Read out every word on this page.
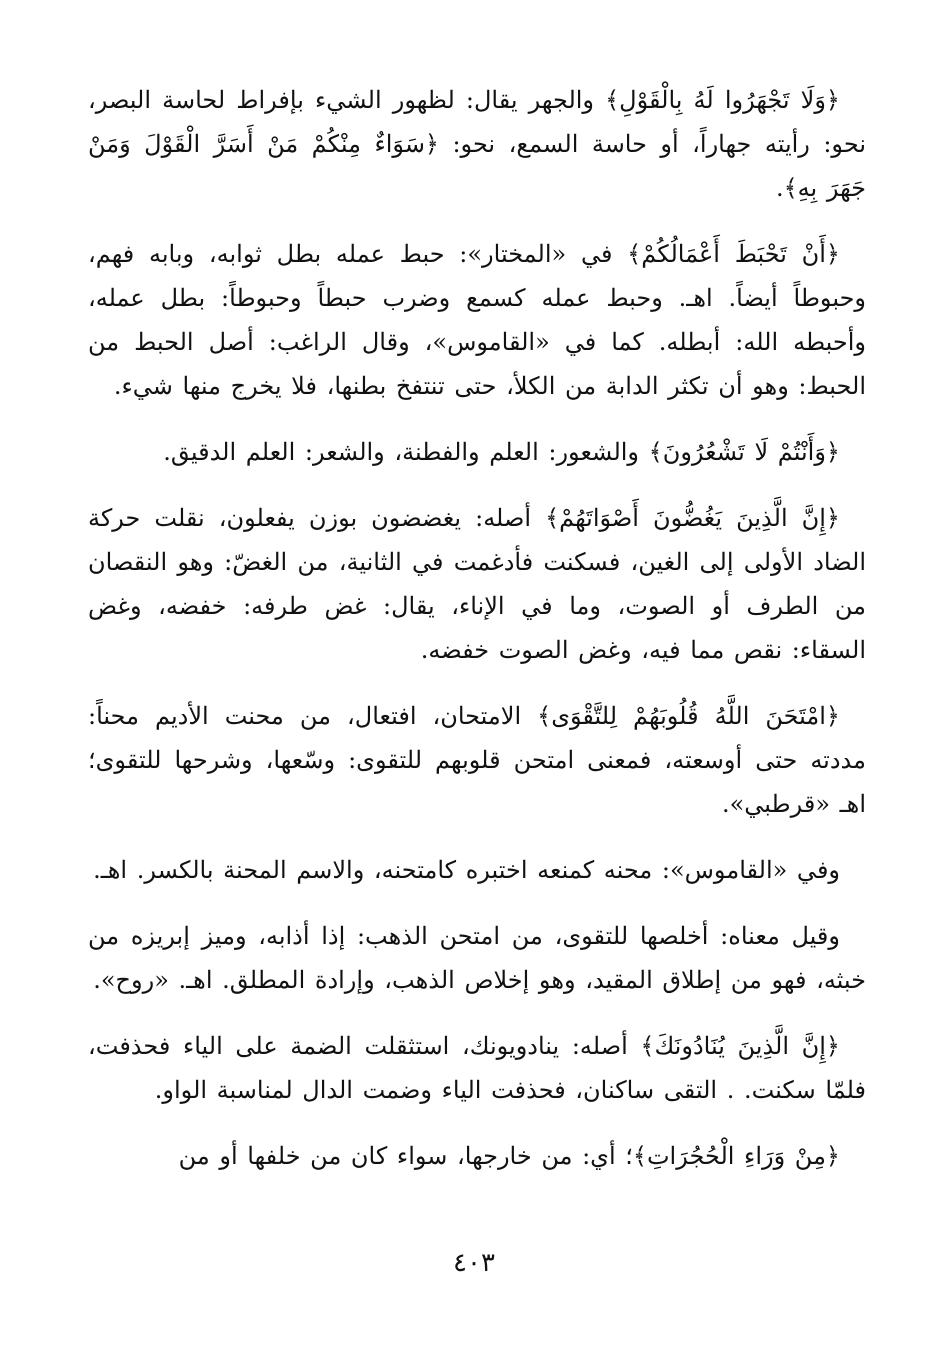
﴿وَلَا تَجْهَرُوا لَهُ بِالْقَوْلِ﴾ والجهر يقال: لظهور الشيء بإفراط لحاسة البصر، نحو: رأيته جهاراً، أو حاسة السمع، نحو: ﴿سَوَاءٌ مِنْكُمْ مَنْ أَسَرَّ الْقَوْلَ وَمَنْ جَهَرَ بِهِ﴾.

﴿أَنْ تَحْبَطَ أَعْمَالُكُمْ﴾ في «المختار»: حبط عمله بطل ثوابه، وبابه فهم، وحبوطاً أيضاً. اهـ. وحبط عمله كسمع وضرب حبطاً وحبوطاً: بطل عمله، وأحبطه الله: أبطله. كما في «القاموس»، وقال الراغب: أصل الحبط من الحبط: وهو أن تكثر الدابة من الكلأ، حتى تنتفخ بطنها، فلا يخرج منها شيء.

﴿وَأَنْتُمْ لَا تَشْعُرُونَ﴾ والشعور: العلم والفطنة، والشعر: العلم الدقيق.

﴿إِنَّ الَّذِينَ يَغُضُّونَ أَصْوَاتَهُمْ﴾ أصله: يغضضون بوزن يفعلون، نقلت حركة الضاد الأولى إلى الغين، فسكنت فأدغمت في الثانية، من الغضّ: وهو النقصان من الطرف أو الصوت، وما في الإناء، يقال: غض طرفه: خفضه، وغض السقاء: نقص مما فيه، وغض الصوت خفضه.

﴿امْتَحَنَ اللَّهُ قُلُوبَهُمْ لِلتَّقْوَى﴾ الامتحان، افتعال، من محنت الأديم محناً: مددته حتى أوسعته، فمعنى امتحن قلوبهم للتقوى: وسّعها، وشرحها للتقوى؛ اهـ «قرطبي».

وفي «القاموس»: محنه كمنعه اختبره كامتحنه، والاسم المحنة بالكسر. اهـ.

وقيل معناه: أخلصها للتقوى، من امتحن الذهب: إذا أذابه، وميز إبريزه من خبثه، فهو من إطلاق المقيد، وهو إخلاص الذهب، وإرادة المطلق. اهـ. «روح».

﴿إِنَّ الَّذِينَ يُنَادُونَكَ﴾ أصله: ينادويونك، استثقلت الضمة على الياء فحذفت، فلمّا سكنت. . التقى ساكنان، فحذفت الياء وضمت الدال لمناسبة الواو.

﴿مِنْ وَرَاءِ الْحُجُرَاتِ﴾؛ أي: من خارجها، سواء كان من خلفها أو من

٤٠٣
